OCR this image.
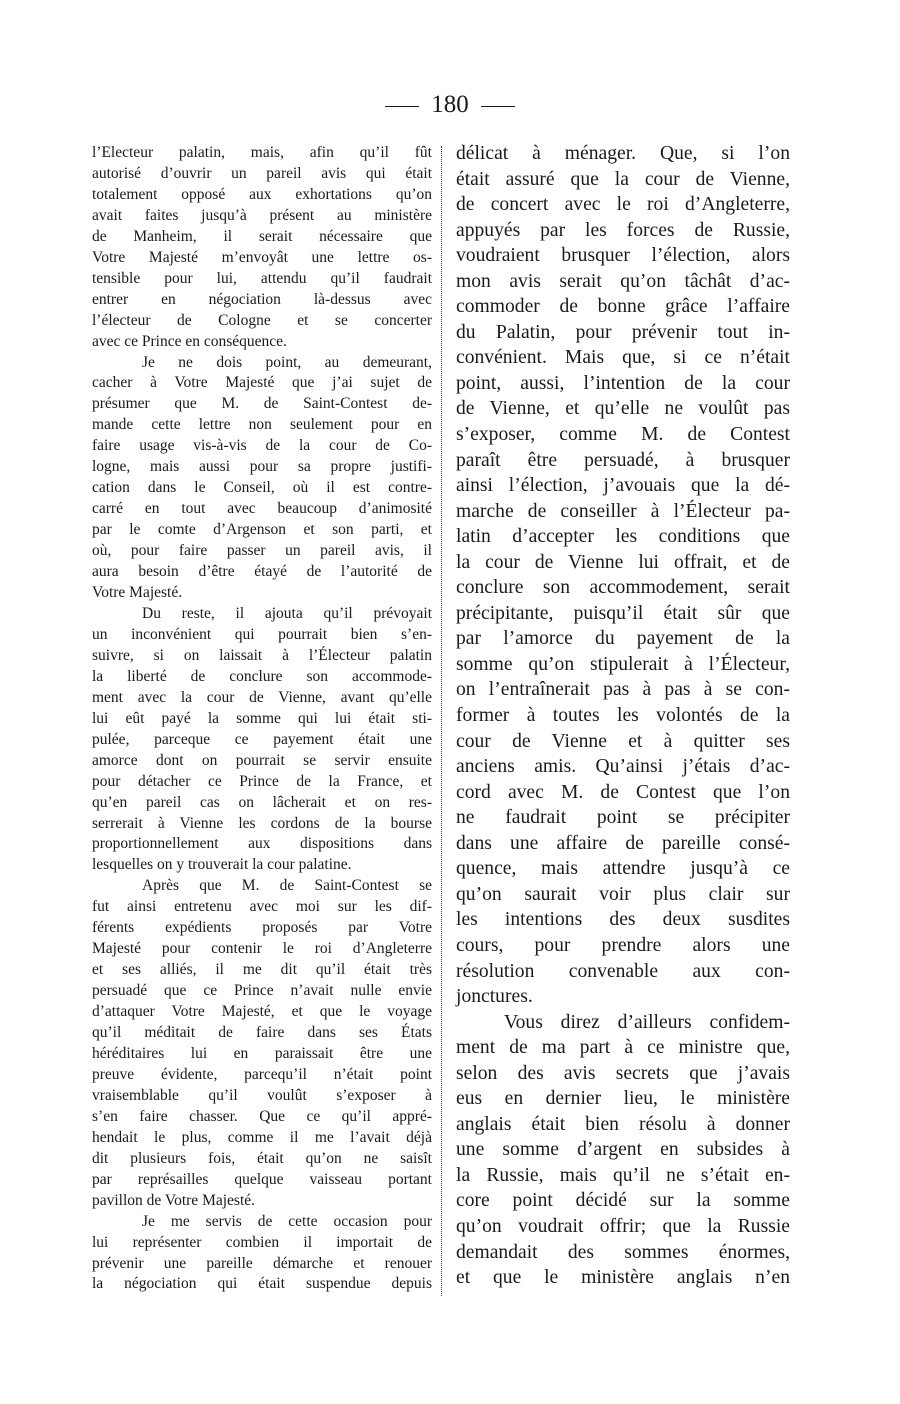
180
l’Electeur palatin, mais, afin qu’il fût
autorisé d’ouvrir un pareil avis qui était
totalement opposé aux exhortations qu’on
avait faites jusqu’à présent au ministère
de Manheim, il serait nécessaire que
Votre Majesté m’envoyât une lettre os-
tensible pour lui, attendu qu’il faudrait
entrer en négociation là-dessus avec
l’électeur de Cologne et se concerter
avec ce Prince en conséquence.
Je ne dois point, au demeurant,
cacher à Votre Majesté que j’ai sujet de
présumer que M. de Saint-Contest de-
mande cette lettre non seulement pour en
faire usage vis-à-vis de la cour de Co-
logne, mais aussi pour sa propre justifi-
cation dans le Conseil, où il est contre-
carré en tout avec beaucoup d’animosité
par le comte d’Argenson et son parti, et
où, pour faire passer un pareil avis, il
aura besoin d’être étayé de l’autorité de
Votre Majesté.
Du reste, il ajouta qu’il prévoyait
un inconvénient qui pourrait bien s’en-
suivre, si on laissait à l’Électeur palatin
la liberté de conclure son accommode-
ment avec la cour de Vienne, avant qu’elle
lui eût payé la somme qui lui était sti-
pulée, parceque ce payement était une
amorce dont on pourrait se servir ensuite
pour détacher ce Prince de la France, et
qu’en pareil cas on lâcherait et on res-
serrerait à Vienne les cordons de la bourse
proportionnellement aux dispositions dans
lesquelles on y trouverait la cour palatine.
Après que M. de Saint-Contest se
fut ainsi entretenu avec moi sur les dif-
férents expédients proposés par Votre
Majesté pour contenir le roi d’Angleterre
et ses alliés, il me dit qu’il était très
persuadé que ce Prince n’avait nulle envie
d’attaquer Votre Majesté, et que le voyage
qu’il méditait de faire dans ses États
héréditaires lui en paraissait être une
preuve évidente, parcequ’il n’était point
vraisemblable qu’il voulût s’exposer à
s’en faire chasser. Que ce qu’il appré-
hendait le plus, comme il me l’avait déjà
dit plusieurs fois, était qu’on ne saisît
par représailles quelque vaisseau portant
pavillon de Votre Majesté.
Je me servis de cette occasion pour
lui représenter combien il importait de
prévenir une pareille démarche et renouer
la négociation qui était suspendue depuis
délicat à ménager. Que, si l’on
était assuré que la cour de Vienne,
de concert avec le roi d’Angleterre,
appuyés par les forces de Russie,
voudraient brusquer l’élection, alors
mon avis serait qu’on tâchât d’ac-
commoder de bonne grâce l’affaire
du Palatin, pour prévenir tout in-
convénient. Mais que, si ce n’était
point, aussi, l’intention de la cour
de Vienne, et qu’elle ne voulût pas
s’exposer, comme M. de Contest
paraît être persuadé, à brusquer
ainsi l’élection, j’avouais que la dé-
marche de conseiller à l’Électeur pa-
latin d’accepter les conditions que
la cour de Vienne lui offrait, et de
conclure son accommodement, serait
précipitante, puisqu’il était sûr que
par l’amorce du payement de la
somme qu’on stipulerait à l’Électeur,
on l’entraînerait pas à pas à se con-
former à toutes les volontés de la
cour de Vienne et à quitter ses
anciens amis. Qu’ainsi j’étais d’ac-
cord avec M. de Contest que l’on
ne faudrait point se précipiter
dans une affaire de pareille consé-
quence, mais attendre jusqu’à ce
qu’on saurait voir plus clair sur
les intentions des deux susdites
cours, pour prendre alors une
résolution convenable aux con-
jonctures.
Vous direz d’ailleurs confidem-
ment de ma part à ce ministre que,
selon des avis secrets que j’avais
eus en dernier lieu, le ministère
anglais était bien résolu à donner
une somme d’argent en subsides à
la Russie, mais qu’il ne s’était en-
core point décidé sur la somme
qu’on voudrait offrir; que la Russie
demandait des sommes énormes,
et que le ministère anglais n’en
